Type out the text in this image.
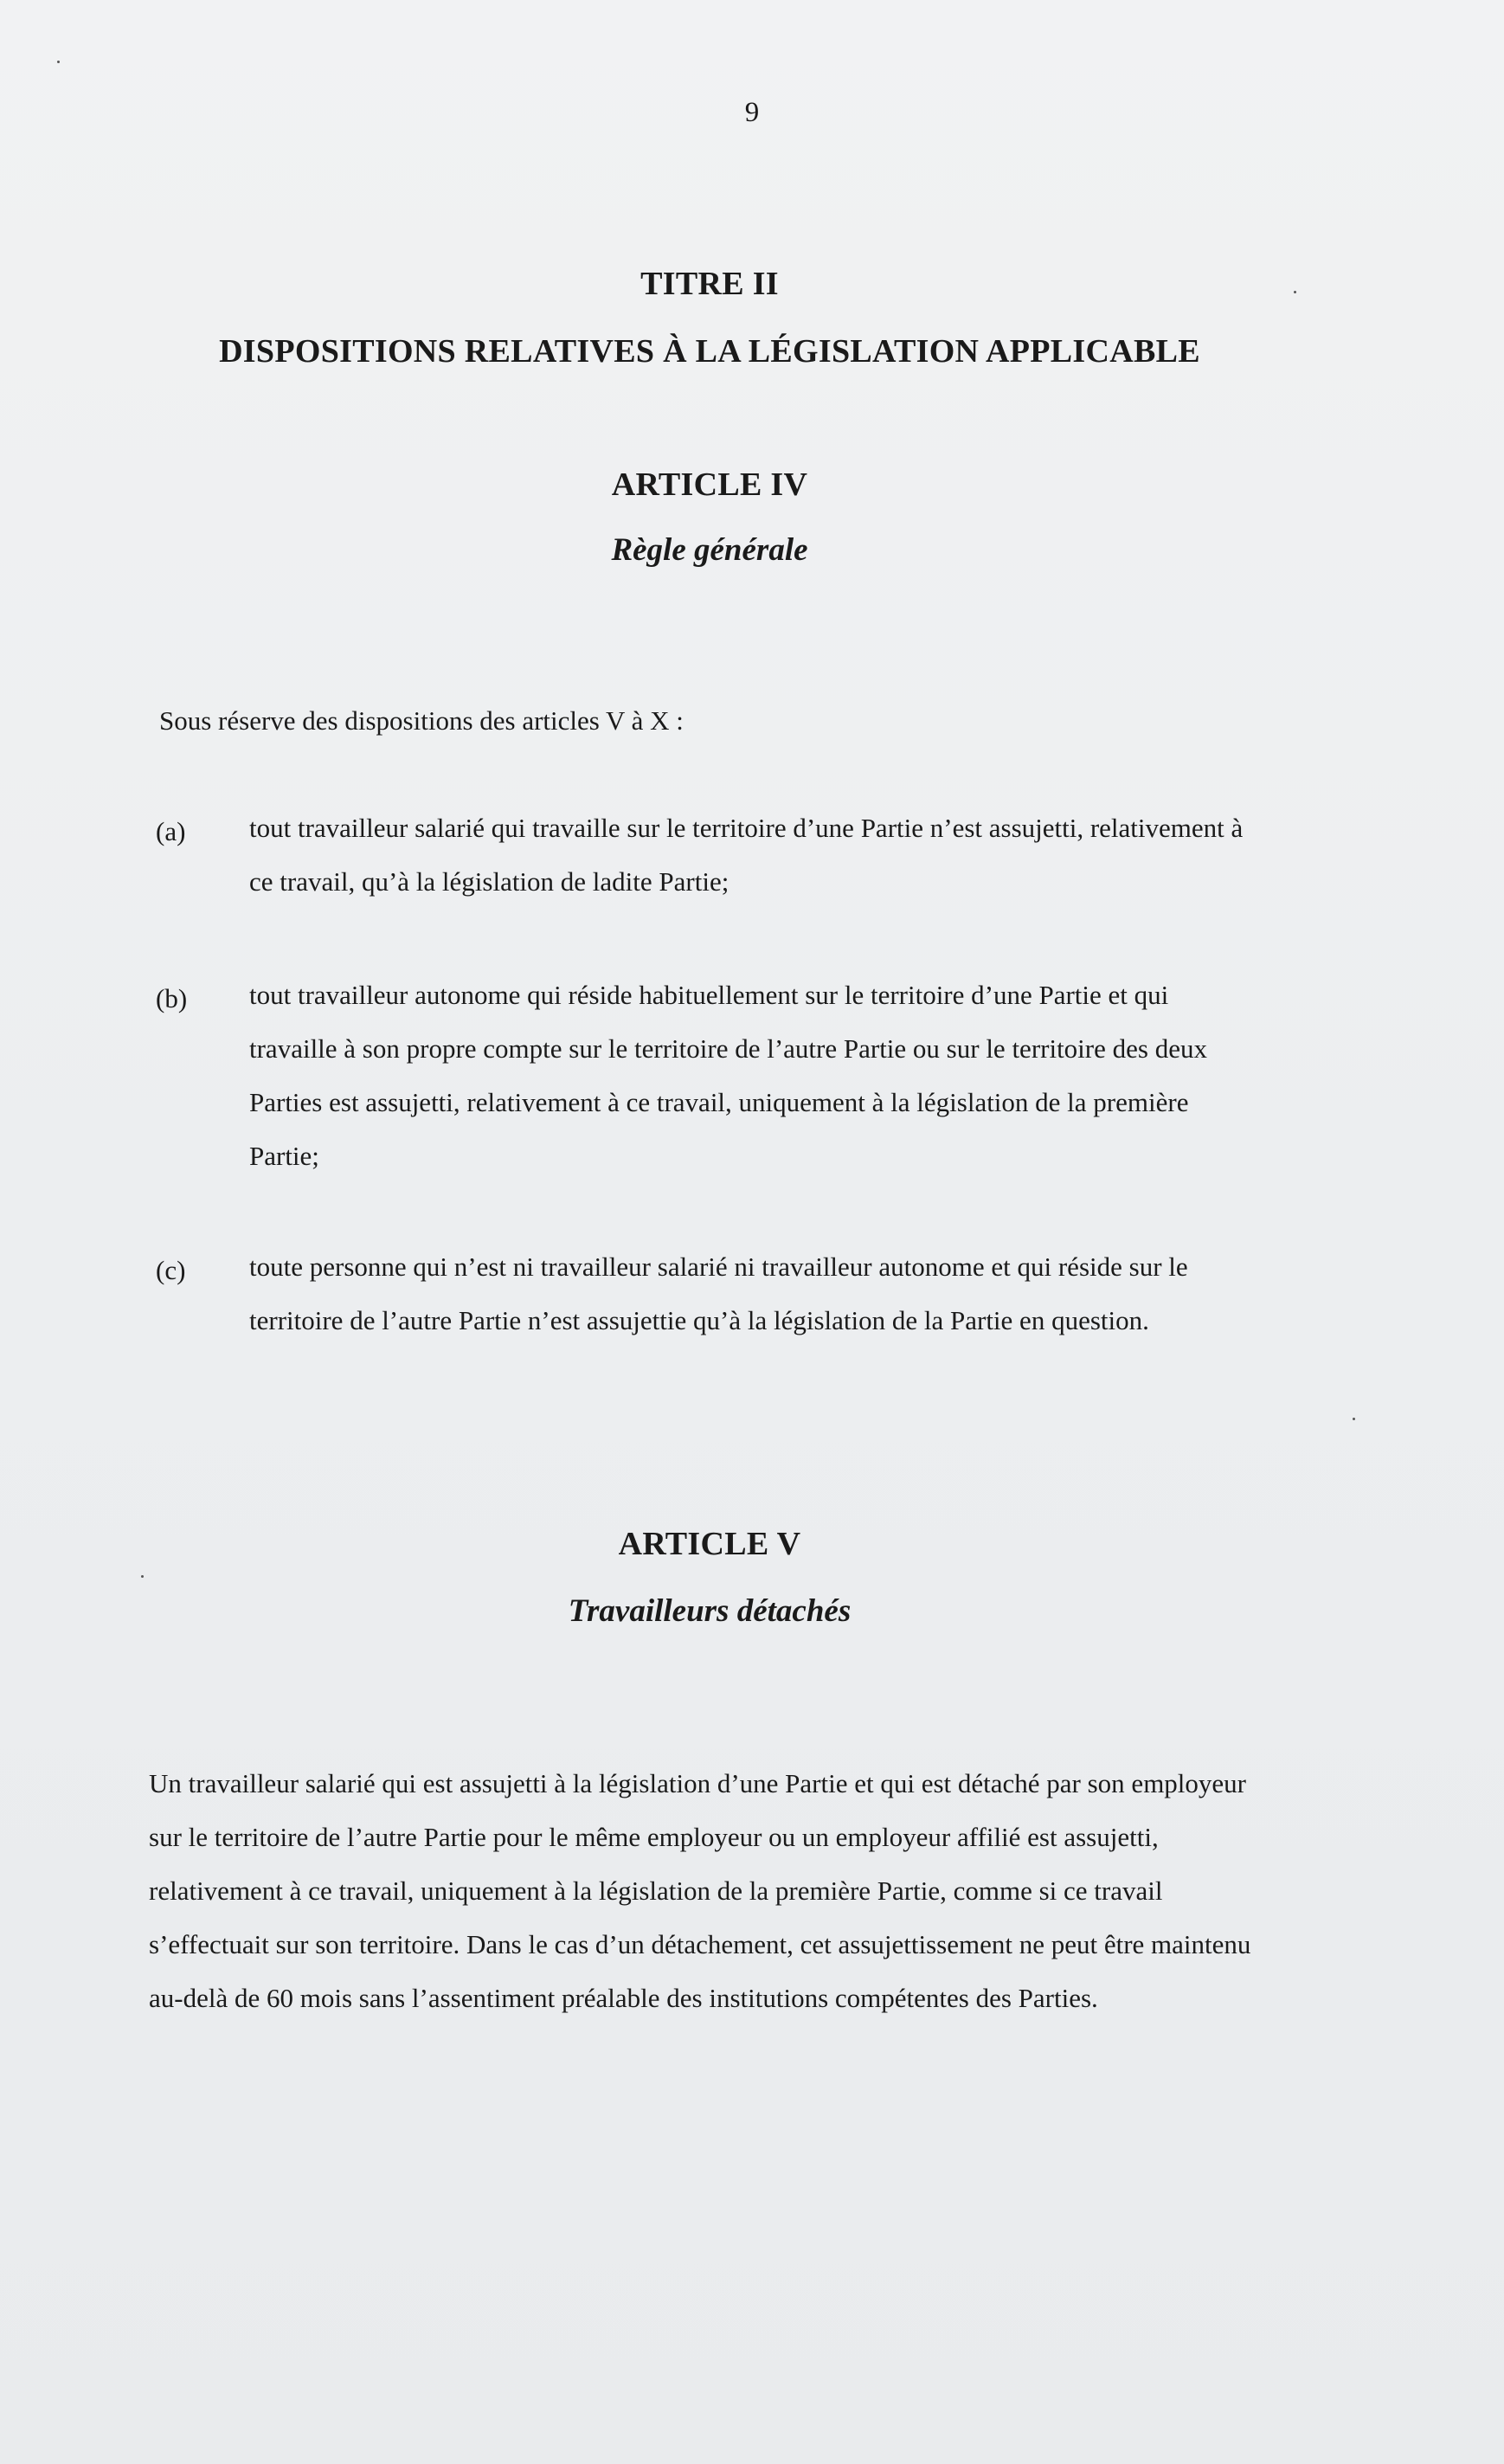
9
TITRE II
DISPOSITIONS RELATIVES À LA LÉGISLATION APPLICABLE
ARTICLE IV
Règle générale
Sous réserve des dispositions des articles V à X :
(a) tout travailleur salarié qui travaille sur le territoire d’une Partie n’est assujetti, relativement à ce travail, qu’à la législation de ladite Partie;
(b) tout travailleur autonome qui réside habituellement sur le territoire d’une Partie et qui travaille à son propre compte sur le territoire de l’autre Partie ou sur le territoire des deux Parties est assujetti, relativement à ce travail, uniquement à la législation de la première Partie;
(c) toute personne qui n’est ni travailleur salarié ni travailleur autonome et qui réside sur le territoire de l’autre Partie n’est assujettie qu’à la législation de la Partie en question.
ARTICLE V
Travailleurs détachés
Un travailleur salarié qui est assujetti à la législation d’une Partie et qui est détaché par son employeur sur le territoire de l’autre Partie pour le même employeur ou un employeur affilié est assujetti, relativement à ce travail, uniquement à la législation de la première Partie, comme si ce travail s’effectuait sur son territoire. Dans le cas d’un détachement, cet assujettissement ne peut être maintenu au-delà de 60 mois sans l’assentiment préalable des institutions compétentes des Parties.
